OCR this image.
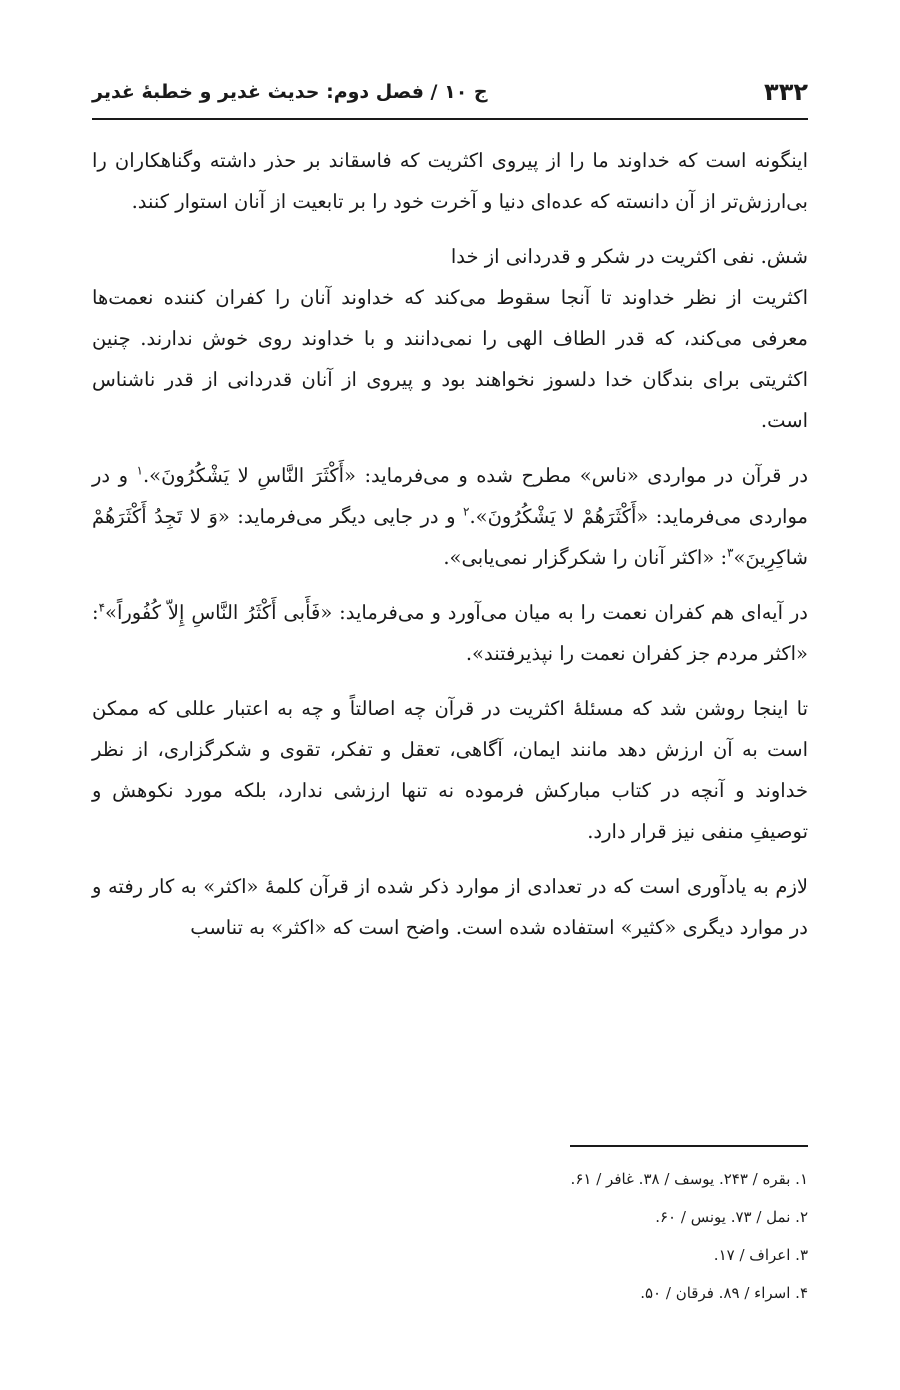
۳۳۲
ج ۱۰ / فصل دوم: حدیث غدیر و خطبهٔ غدیر

اینگونه است که خداوند ما را از پیروی اکثریت که فاسقاند بر حذر داشته وگناهکاران را بی‌ارزش‌تر از آن دانسته که عده‌ای دنیا و آخرت خود را بر تابعیت از آنان استوار کنند.

شش. نفی اکثریت در شکر و قدردانی از خدا

اکثریت از نظر خداوند تا آنجا سقوط می‌کند که خداوند آنان را کفران کننده نعمت‌ها معرفی می‌کند، که قدر الطاف الهی را نمی‌دانند و با خداوند روی خوش ندارند. چنین اکثریتی برای بندگان خدا دلسوز نخواهند بود و پیروی از آنان قدردانی از قدر ناشناس است.

در قرآن در مواردی «ناس» مطرح شده و می‌فرماید: «أَكْثَرَ النَّاسِ لا يَشْكُرُونَ».$^۱$ و در مواردی می‌فرماید: «أَكْثَرَهُمْ لا يَشْكُرُونَ».$^۲$ و در جایی دیگر می‌فرماید: «وَ لا تَجِدُ أَكْثَرَهُمْ شاكِرِينَ»$^۳$: «اکثر آنان را شکرگزار نمی‌یابی».

در آیه‌ای هم کفران نعمت را به میان می‌آورد و می‌فرماید: «فَأَبى أَكْثَرُ النَّاسِ إِلاّ كُفُوراً»$^۴$: «اکثر مردم جز کفران نعمت را نپذیرفتند».

تا اینجا روشن شد که مسئلهٔ اکثریت در قرآن چه اصالتاً و چه به اعتبار عللی که ممکن است به آن ارزش دهد مانند ایمان، آگاهی، تعقل و تفکر، تقوی و شکرگزاری، از نظر خداوند و آنچه در کتاب مبارکش فرموده نه تنها ارزشی ندارد، بلکه مورد نکوهش و توصیفِ منفی نیز قرار دارد.

لازم به یادآوری است که در تعدادی از موارد ذکر شده از قرآن کلمهٔ «اکثر» به کار رفته و در موارد دیگری «کثیر» استفاده شده است. واضح است که «اکثر» به تناسب

۱. بقره / ۲۴۳. یوسف / ۳۸. غافر / ۶۱.
۲. نمل / ۷۳. یونس / ۶۰.
۳. اعراف / ۱۷.
۴. اسراء / ۸۹. فرقان / ۵۰.
